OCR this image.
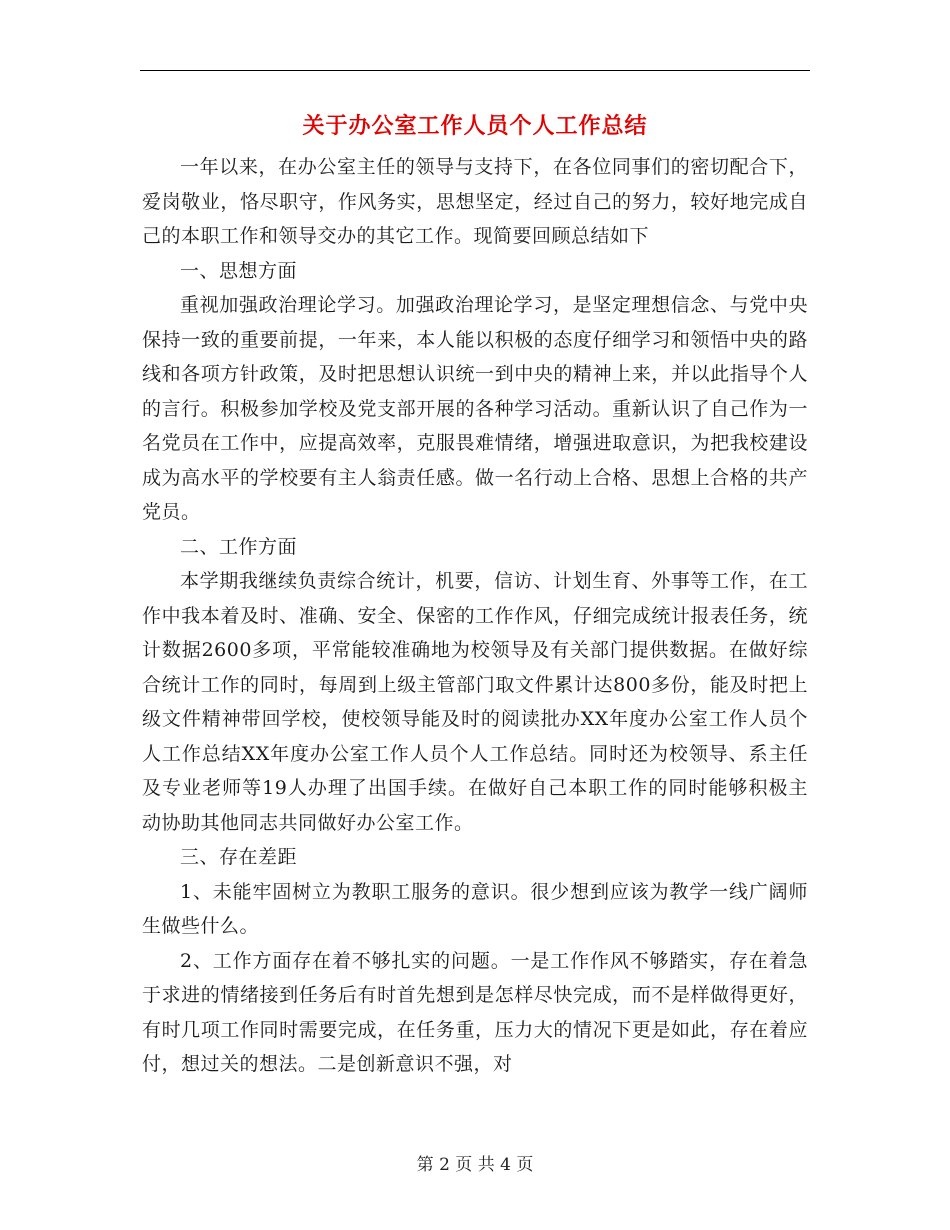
关于办公室工作人员个人工作总结

一年以来，在办公室主任的领导与支持下，在各位同事们的密切配合下，爱岗敬业，恪尽职守，作风务实，思想坚定，经过自己的努力，较好地完成自己的本职工作和领导交办的其它工作。现简要回顾总结如下

一、思想方面

重视加强政治理论学习。加强政治理论学习，是坚定理想信念、与党中央保持一致的重要前提，一年来，本人能以积极的态度仔细学习和领悟中央的路线和各项方针政策，及时把思想认识统一到中央的精神上来，并以此指导个人的言行。积极参加学校及党支部开展的各种学习活动。重新认识了自己作为一名党员在工作中，应提高效率，克服畏难情绪，增强进取意识，为把我校建设成为高水平的学校要有主人翁责任感。做一名行动上合格、思想上合格的共产党员。

二、工作方面

本学期我继续负责综合统计，机要，信访、计划生育、外事等工作，在工作中我本着及时、准确、安全、保密的工作作风，仔细完成统计报表任务，统计数据2600多项，平常能较准确地为校领导及有关部门提供数据。在做好综合统计工作的同时，每周到上级主管部门取文件累计达800多份，能及时把上级文件精神带回学校，使校领导能及时的阅读批办XX年度办公室工作人员个人工作总结XX年度办公室工作人员个人工作总结。同时还为校领导、系主任及专业老师等19人办理了出国手续。在做好自己本职工作的同时能够积极主动协助其他同志共同做好办公室工作。

三、存在差距

1、未能牢固树立为教职工服务的意识。很少想到应该为教学一线广阔师生做些什么。

2、工作方面存在着不够扎实的问题。一是工作作风不够踏实，存在着急于求进的情绪接到任务后有时首先想到是怎样尽快完成，而不是样做得更好，有时几项工作同时需要完成，在任务重，压力大的情况下更是如此，存在着应付，想过关的想法。二是创新意识不强，对

第 2 页 共 4 页
